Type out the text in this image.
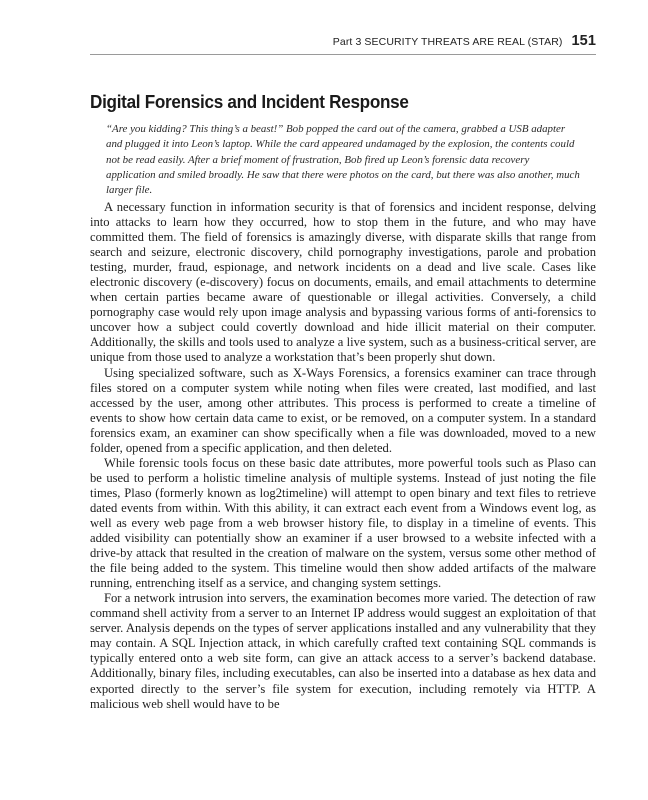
Part 3 SECURITY THREATS ARE REAL (STAR) 151
Digital Forensics and Incident Response

“Are you kidding? This thing’s a beast!” Bob popped the card out of the camera, grabbed a USB adapter and plugged it into Leon’s laptop. While the card appeared undamaged by the explosion, the contents could not be read easily. After a brief moment of frustration, Bob fired up Leon’s forensic data recovery application and smiled broadly. He saw that there were photos on the card, but there was also another, much larger file.

A necessary function in information security is that of forensics and incident response, delving into attacks to learn how they occurred, how to stop them in the future, and who may have committed them. The field of forensics is amazingly diverse, with disparate skills that range from search and seizure, electronic discovery, child pornography investigations, parole and probation testing, murder, fraud, espionage, and network incidents on a dead and live scale. Cases like electronic discovery (e-discovery) focus on documents, emails, and email attachments to determine when certain parties became aware of questionable or illegal activities. Conversely, a child pornography case would rely upon image analysis and bypassing various forms of anti-forensics to uncover how a subject could covertly download and hide illicit material on their computer. Additionally, the skills and tools used to analyze a live system, such as a business-critical server, are unique from those used to analyze a workstation that’s been properly shut down.

Using specialized software, such as X-Ways Forensics, a forensics examiner can trace through files stored on a computer system while noting when files were created, last modified, and last accessed by the user, among other attributes. This process is performed to create a timeline of events to show how certain data came to exist, or be removed, on a computer system. In a standard forensics exam, an examiner can show specifically when a file was downloaded, moved to a new folder, opened from a specific application, and then deleted.

While forensic tools focus on these basic date attributes, more powerful tools such as Plaso can be used to perform a holistic timeline analysis of multiple systems. Instead of just noting the file times, Plaso (formerly known as log2timeline) will attempt to open binary and text files to retrieve dated events from within. With this ability, it can extract each event from a Windows event log, as well as every web page from a web browser history file, to display in a timeline of events. This added visibility can potentially show an examiner if a user browsed to a website infected with a drive-by attack that resulted in the creation of malware on the system, versus some other method of the file being added to the system. This timeline would then show added artifacts of the malware running, entrenching itself as a service, and changing system settings.

For a network intrusion into servers, the examination becomes more varied. The detection of raw command shell activity from a server to an Internet IP address would suggest an exploitation of that server. Analysis depends on the types of server applications installed and any vulnerability that they may contain. A SQL Injection attack, in which carefully crafted text containing SQL commands is typically entered onto a web site form, can give an attack access to a server’s backend database. Additionally, binary files, including executables, can also be inserted into a database as hex data and exported directly to the server’s file system for execution, including remotely via HTTP. A malicious web shell would have to be
